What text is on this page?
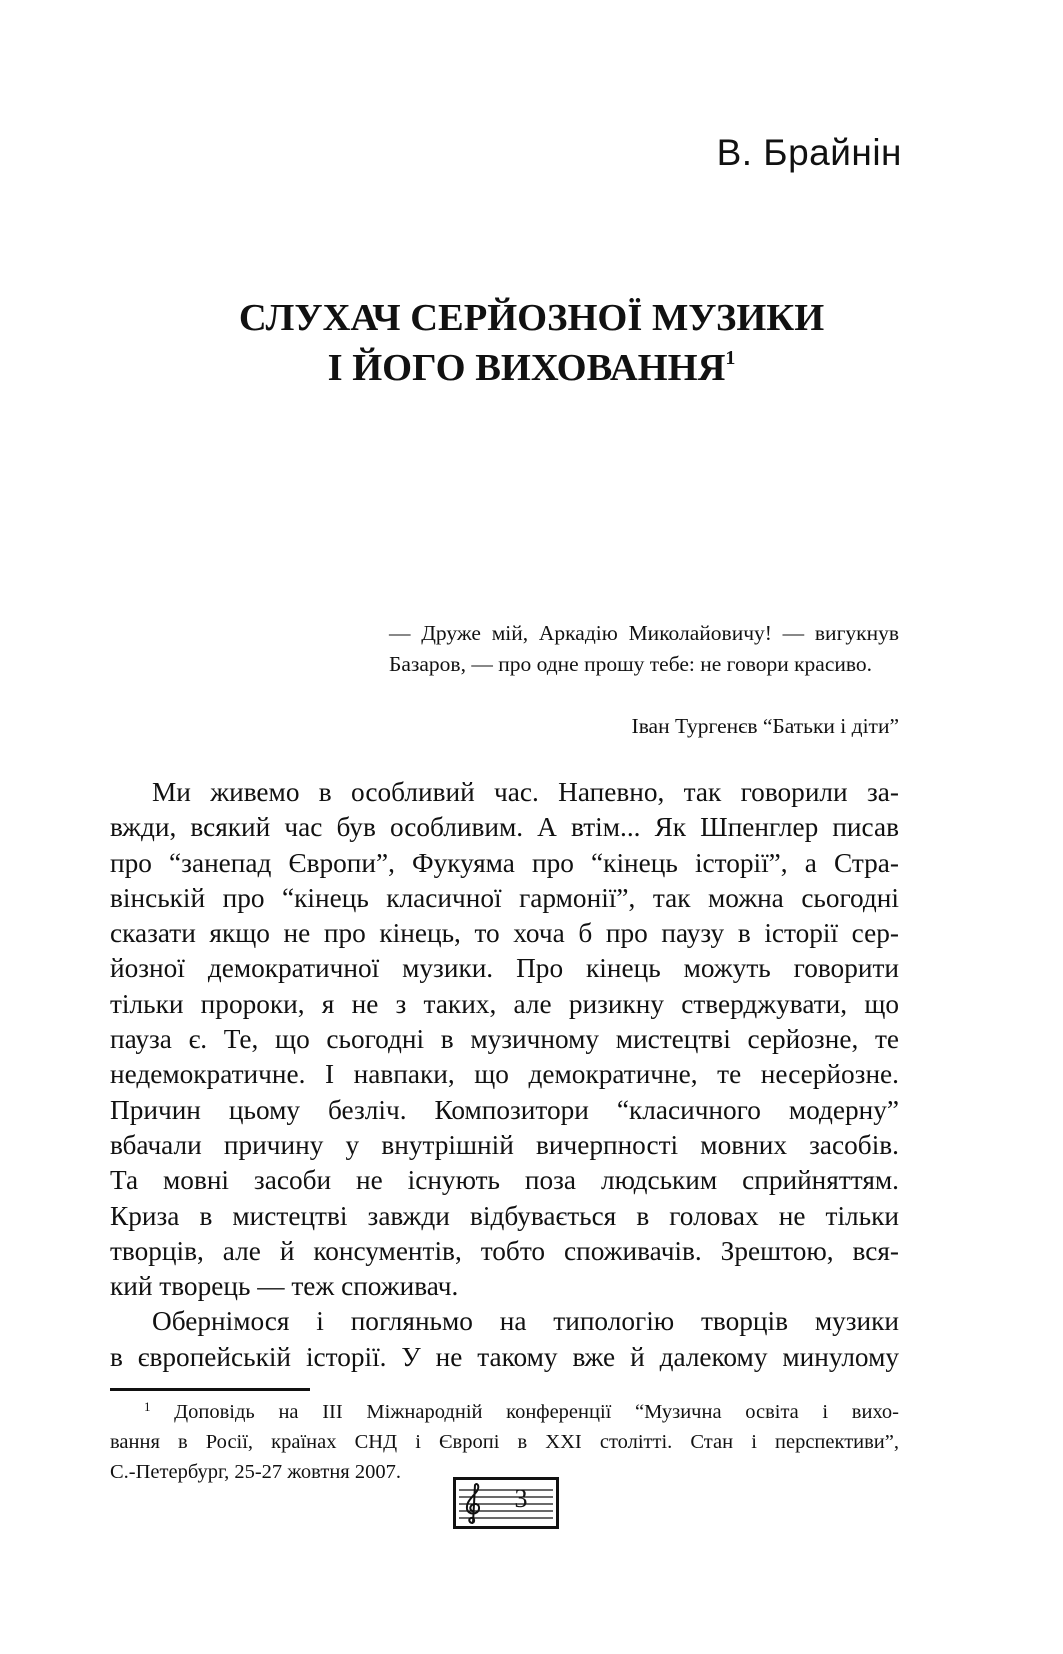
В. Брайнін
СЛУХАЧ СЕРЙОЗНОЇ МУЗИКИ
І ЙОГО ВИХОВАННЯ$^1$
— Друже мій, Аркадію Миколайовичу! — вигукнув Базаров, — про одне прошу тебе: не говори красиво.
Іван Тургенєв “Батьки і діти”
Ми живемо в особливий час. Напевно, так говорили за-
вжди, всякий час був особливим. А втім... Як Шпенглер писав
про “занепад Європи”, Фукуяма про “кінець історії”, а Стра-
вінській про “кінець класичної гармонії”, так можна сьогодні
сказати якщо не про кінець, то хоча б про паузу в історії сер-
йозної демократичної музики. Про кінець можуть говорити
тільки пророки, я не з таких, але ризикну стверджувати, що
пауза є. Те, що сьогодні в музичному мистецтві серйозне, те
недемократичне. І навпаки, що демократичне, те несерйозне.
Причин цьому безліч. Композитори “класичного модерну”
вбачали причину у внутрішній вичерпності мовних засобів.
Та мовні засоби не існують поза людським сприйняттям.
Криза в мистецтві завжди відбувається в головах не тільки
творців, але й консументів, тобто споживачів. Зрештою, вся-
кий творець — теж споживач.
Обернімося і погляньмо на типологію творців музики
в європейській історії. У не такому вже й далекому минулому
$^1$ Доповідь на III Міжнародній конференції “Музична освіта і вихо-
вання в Росії, країнах СНД і Європі в XXI столітті. Стан і перспективи”,
С.-Петербург, 25-27 жовтня 2007.
3
